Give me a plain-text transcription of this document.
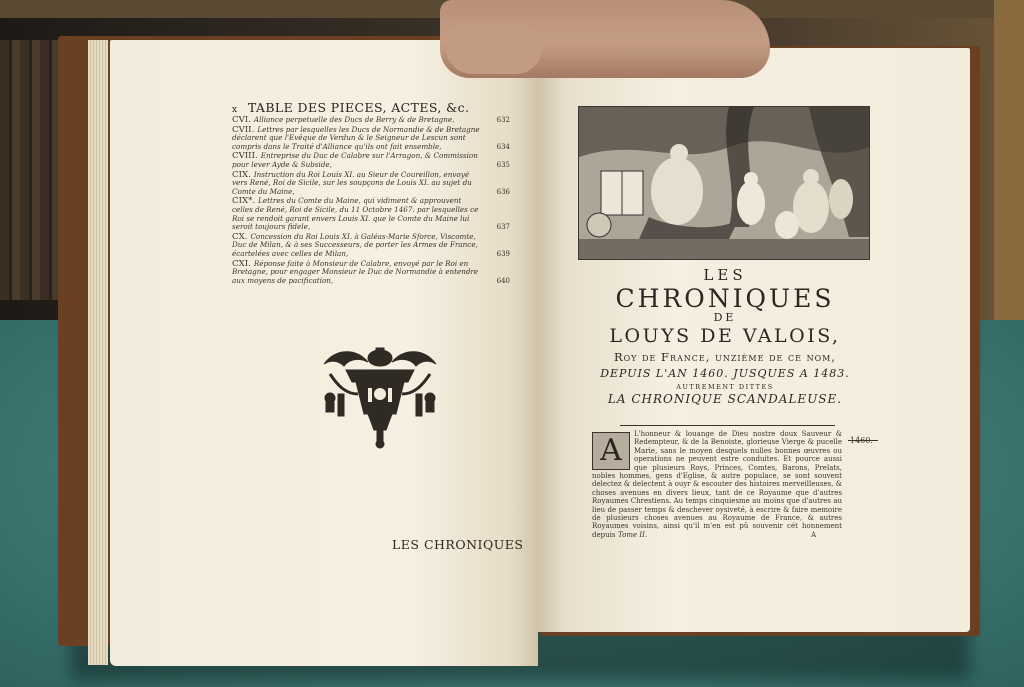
x TABLE DES PIECES, ACTES, &c.
CVI. Alliance perpetuelle des Ducs de Berry & de Bretagne,	632
CVII. Lettres par lesquelles les Ducs de Normandie & de Bretagne déclarent que l'Evêque de Verdun & le Seigneur de Lescun sont compris dans le Traité d'Alliance qu'ils ont fait ensemble,	634
CVIII. Entreprise du Duc de Calabre sur l'Arragon, & Commission pour lever Ayde & Subside,	635
CIX. Instruction du Roi Louis XI. au Sieur de Coureillon, envoyé vers René, Roi de Sicile, sur les soupçons de Louis XI. au sujet du Comte du Maine,	636
CIX*. Lettres du Comte du Maine, qui vidiment & approuvent celles de René, Roi de Sicile, du 11 Octobre 1467. par lesquelles ce Roi se rendoit garant envers Louis XI. que le Comte du Maine lui seroit toujours fidele,	637
CX. Concession du Roi Louis XI. à Galéas-Marie Sforce, Viscomte, Duc de Milan, & à ses Successeurs, de porter les Armes de France, écartelées avec celles de Milan,	639
CXI. Réponse faite à Monsieur de Calabre, envoyé par le Roi en Bretagne, pour engager Monsieur le Duc de Normandie à entendre aux moyens de pacification,	640
LES CHRONIQUES
LES
CHRONIQUES
DE
LOUYS DE VALOIS,
Roy de France, unzième de ce nom,
DEPUIS L'AN 1460. JUSQUES A 1483.
AUTREMENT DITTES
LA CHRONIQUE SCANDALEUSE.
A	L'honneur & louange de Dieu nostre doux Sauveur & Redempteur, & de la Benoiste, glorieuse Vierge & pucelle Marie, sans le moyen desquels nulles bonnes œuvres ou operations ne peuvent estre conduites. Et pource aussi que plusieurs Roys, Princes, Comtes, Barons, Prelats, nobles hommes, gens d'Eglise, & autre populace, se sont souvent delectez & delectent à ouyr & escouter des histoires merveilleuses, & choses avenues en divers lieux, tant de ce Royaume que d'autres Royaumes Chrestiens. Au temps cinquiesme au moins que d'autres au lieu de passer temps & deschever oysiveté, à escrire & faire memoire de plusieurs choses avenues au Royaume de France, & autres Royaumes voisins, ainsi qu'il m'en est pû souvenir cét honnement depuis
1460.
Tome II.	A
